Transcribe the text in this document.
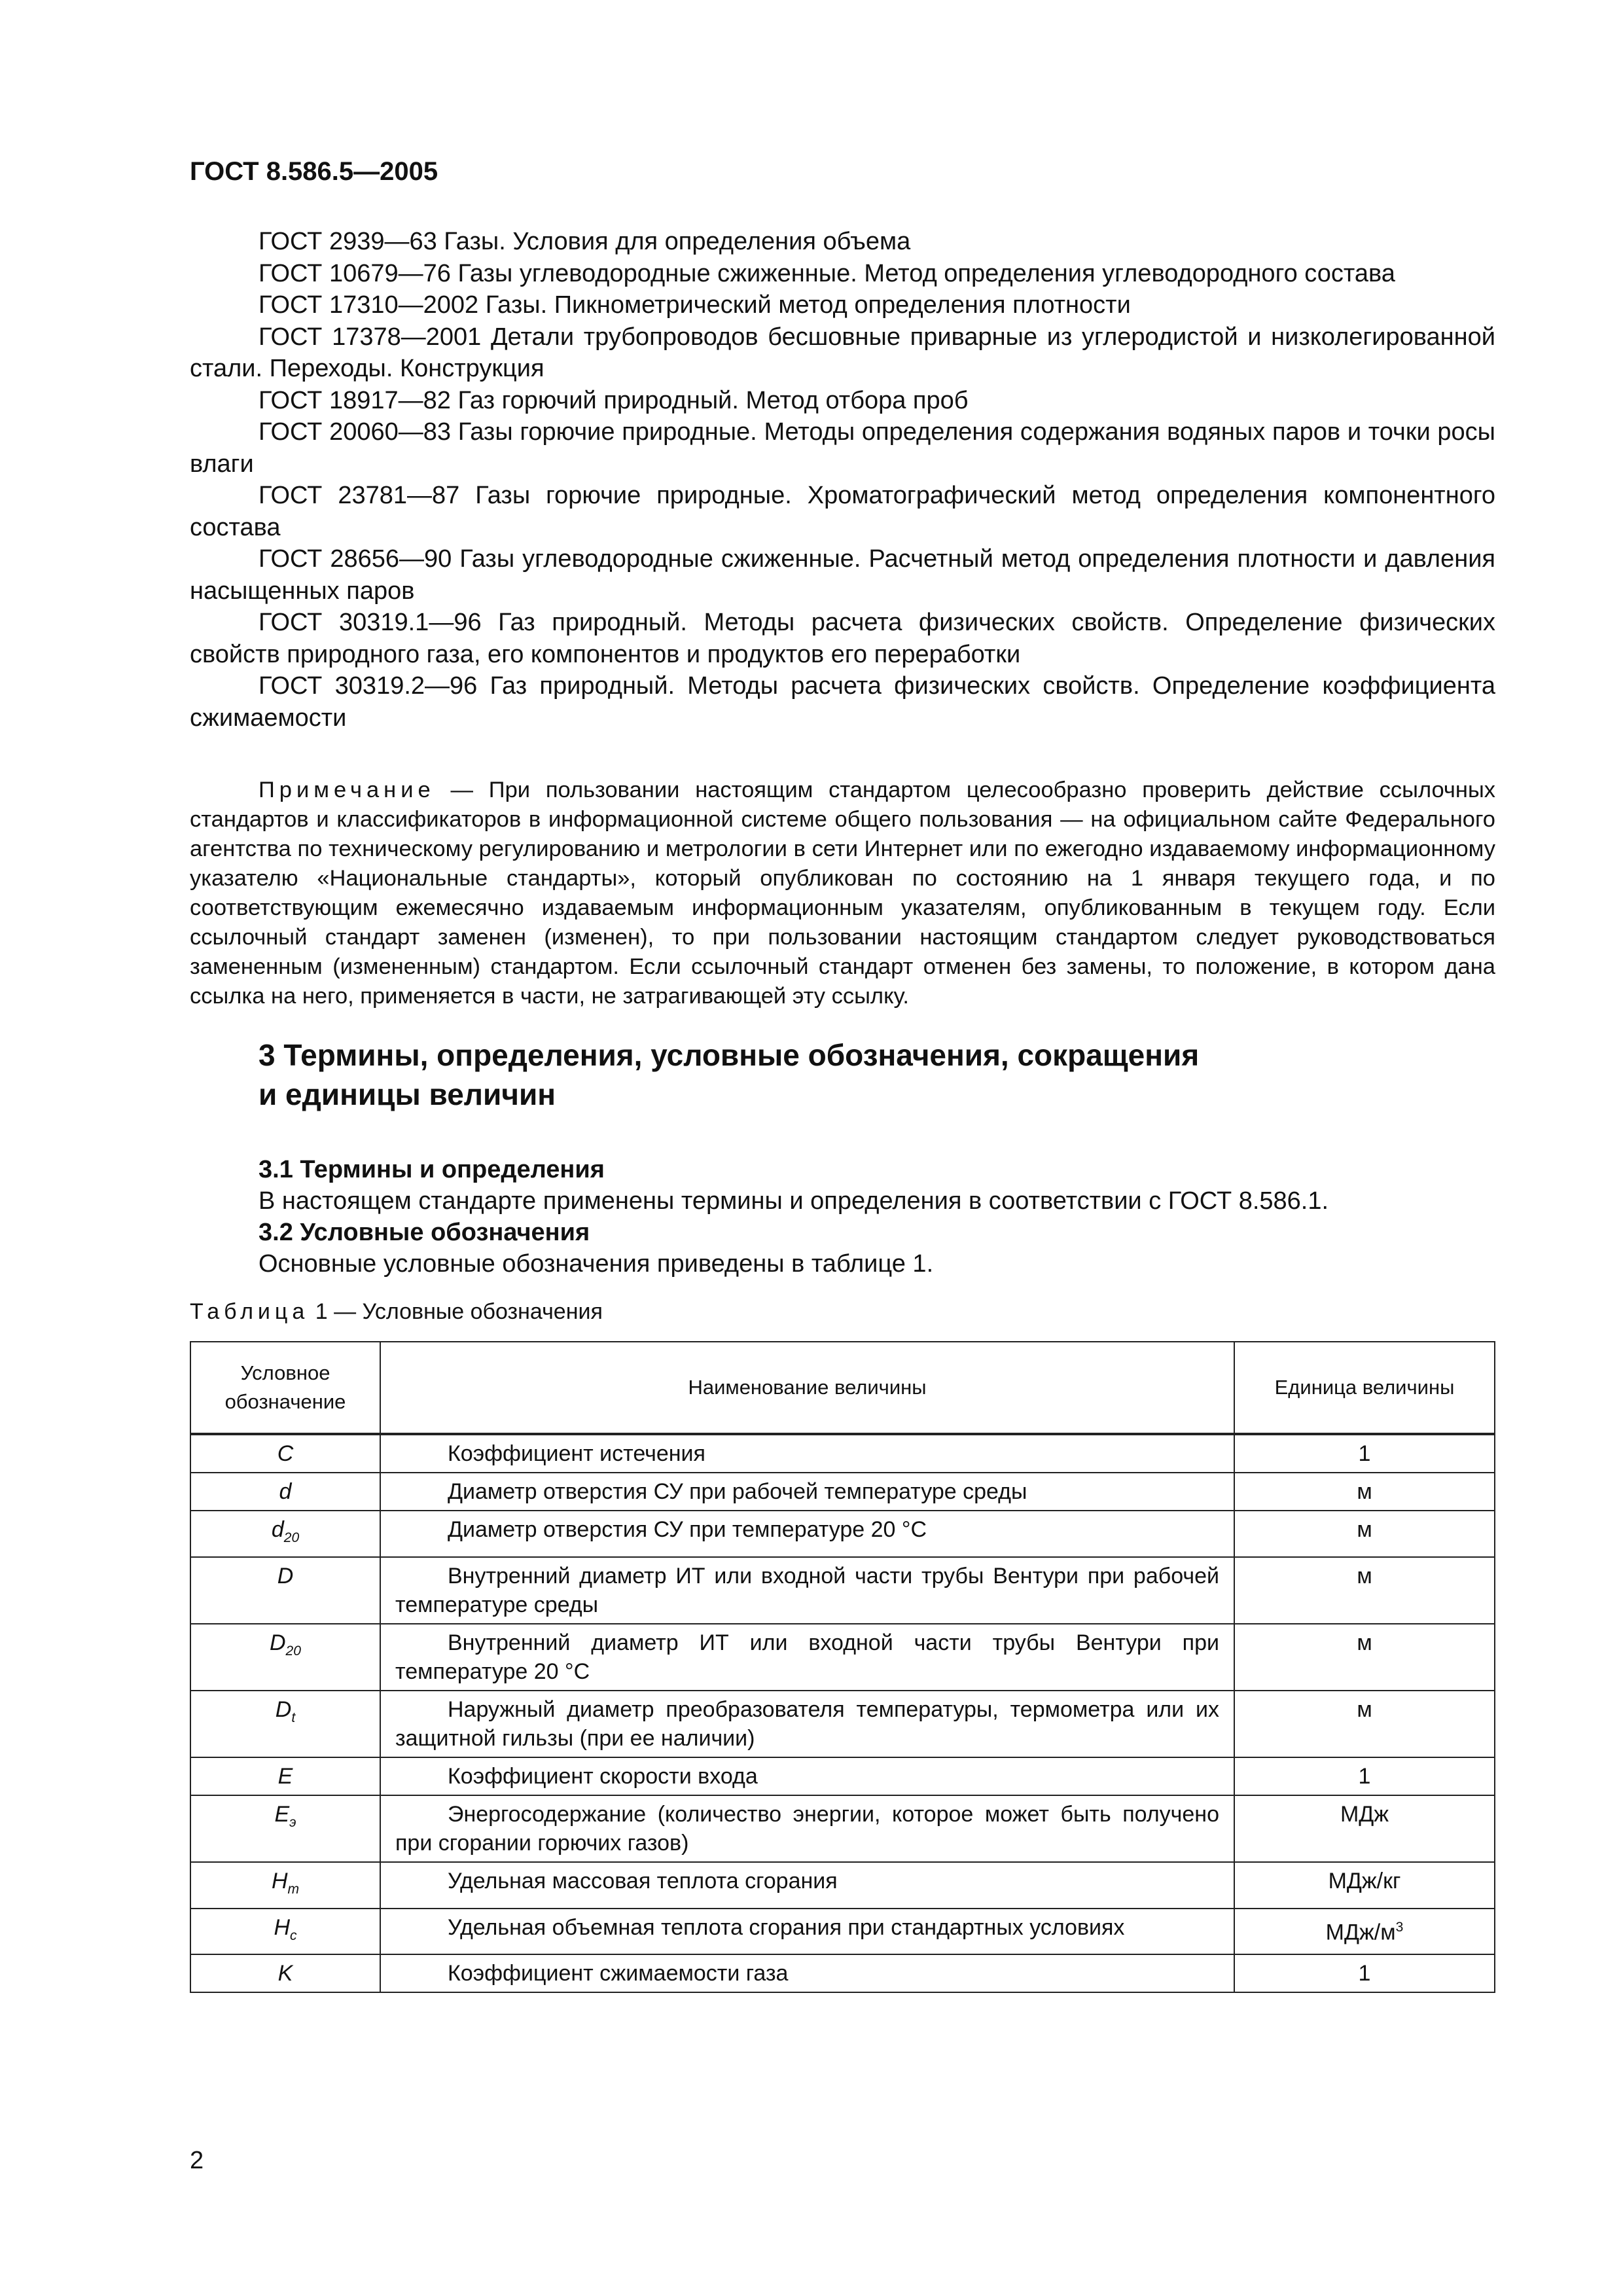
ГОСТ 8.586.5—2005

ГОСТ 2939—63 Газы. Условия для определения объема

ГОСТ 10679—76 Газы углеводородные сжиженные. Метод определения углеводородного состава

ГОСТ 17310—2002 Газы. Пикнометрический метод определения плотности

ГОСТ 17378—2001 Детали трубопроводов бесшовные приварные из углеродистой и низколегированной стали. Переходы. Конструкция

ГОСТ 18917—82 Газ горючий природный. Метод отбора проб

ГОСТ 20060—83 Газы горючие природные. Методы определения содержания водяных паров и точки росы влаги

ГОСТ 23781—87 Газы горючие природные. Хроматографический метод определения компонентного состава

ГОСТ 28656—90 Газы углеводородные сжиженные. Расчетный метод определения плотности и давления насыщенных паров

ГОСТ 30319.1—96 Газ природный. Методы расчета физических свойств. Определение физических свойств природного газа, его компонентов и продуктов его переработки

ГОСТ 30319.2—96 Газ природный. Методы расчета физических свойств. Определение коэффициента сжимаемости

Примечание — При пользовании настоящим стандартом целесообразно проверить действие ссылочных стандартов и классификаторов в информационной системе общего пользования — на официальном сайте Федерального агентства по техническому регулированию и метрологии в сети Интернет или по ежегодно издаваемому информационному указателю «Национальные стандарты», который опубликован по состоянию на 1 января текущего года, и по соответствующим ежемесячно издаваемым информационным указателям, опубликованным в текущем году. Если ссылочный стандарт заменен (изменен), то при пользовании настоящим стандартом следует руководствоваться замененным (измененным) стандартом. Если ссылочный стандарт отменен без замены, то положение, в котором дана ссылка на него, применяется в части, не затрагивающей эту ссылку.

3 Термины, определения, условные обозначения, сокращения
и единицы величин

3.1 Термины и определения

В настоящем стандарте применены термины и определения в соответствии с ГОСТ 8.586.1.

3.2 Условные обозначения

Основные условные обозначения приведены в таблице 1.

Таблица 1 — Условные обозначения
Условное обозначение	Наименование величины	Единица величины
C	Коэффициент истечения	1
d	Диаметр отверстия СУ при рабочей температуре среды	м
$d_{20}$	Диаметр отверстия СУ при температуре 20 °С	м
D	Внутренний диаметр ИТ или входной части трубы Вентури при рабочей температуре среды	м
$D_{20}$	Внутренний диаметр ИТ или входной части трубы Вентури при температуре 20 °С	м
$D_t$	Наружный диаметр преобразователя температуры, термометра или их защитной гильзы (при ее наличии)	м
E	Коэффициент скорости входа	1
$E_э$	Энергосодержание (количество энергии, которое может быть получено при сгорании горючих газов)	МДж
$H_m$	Удельная массовая теплота сгорания	МДж/кг
$H_c$	Удельная объемная теплота сгорания при стандартных условиях	МДж/$м^3$
K	Коэффициент сжимаемости газа	1
2
